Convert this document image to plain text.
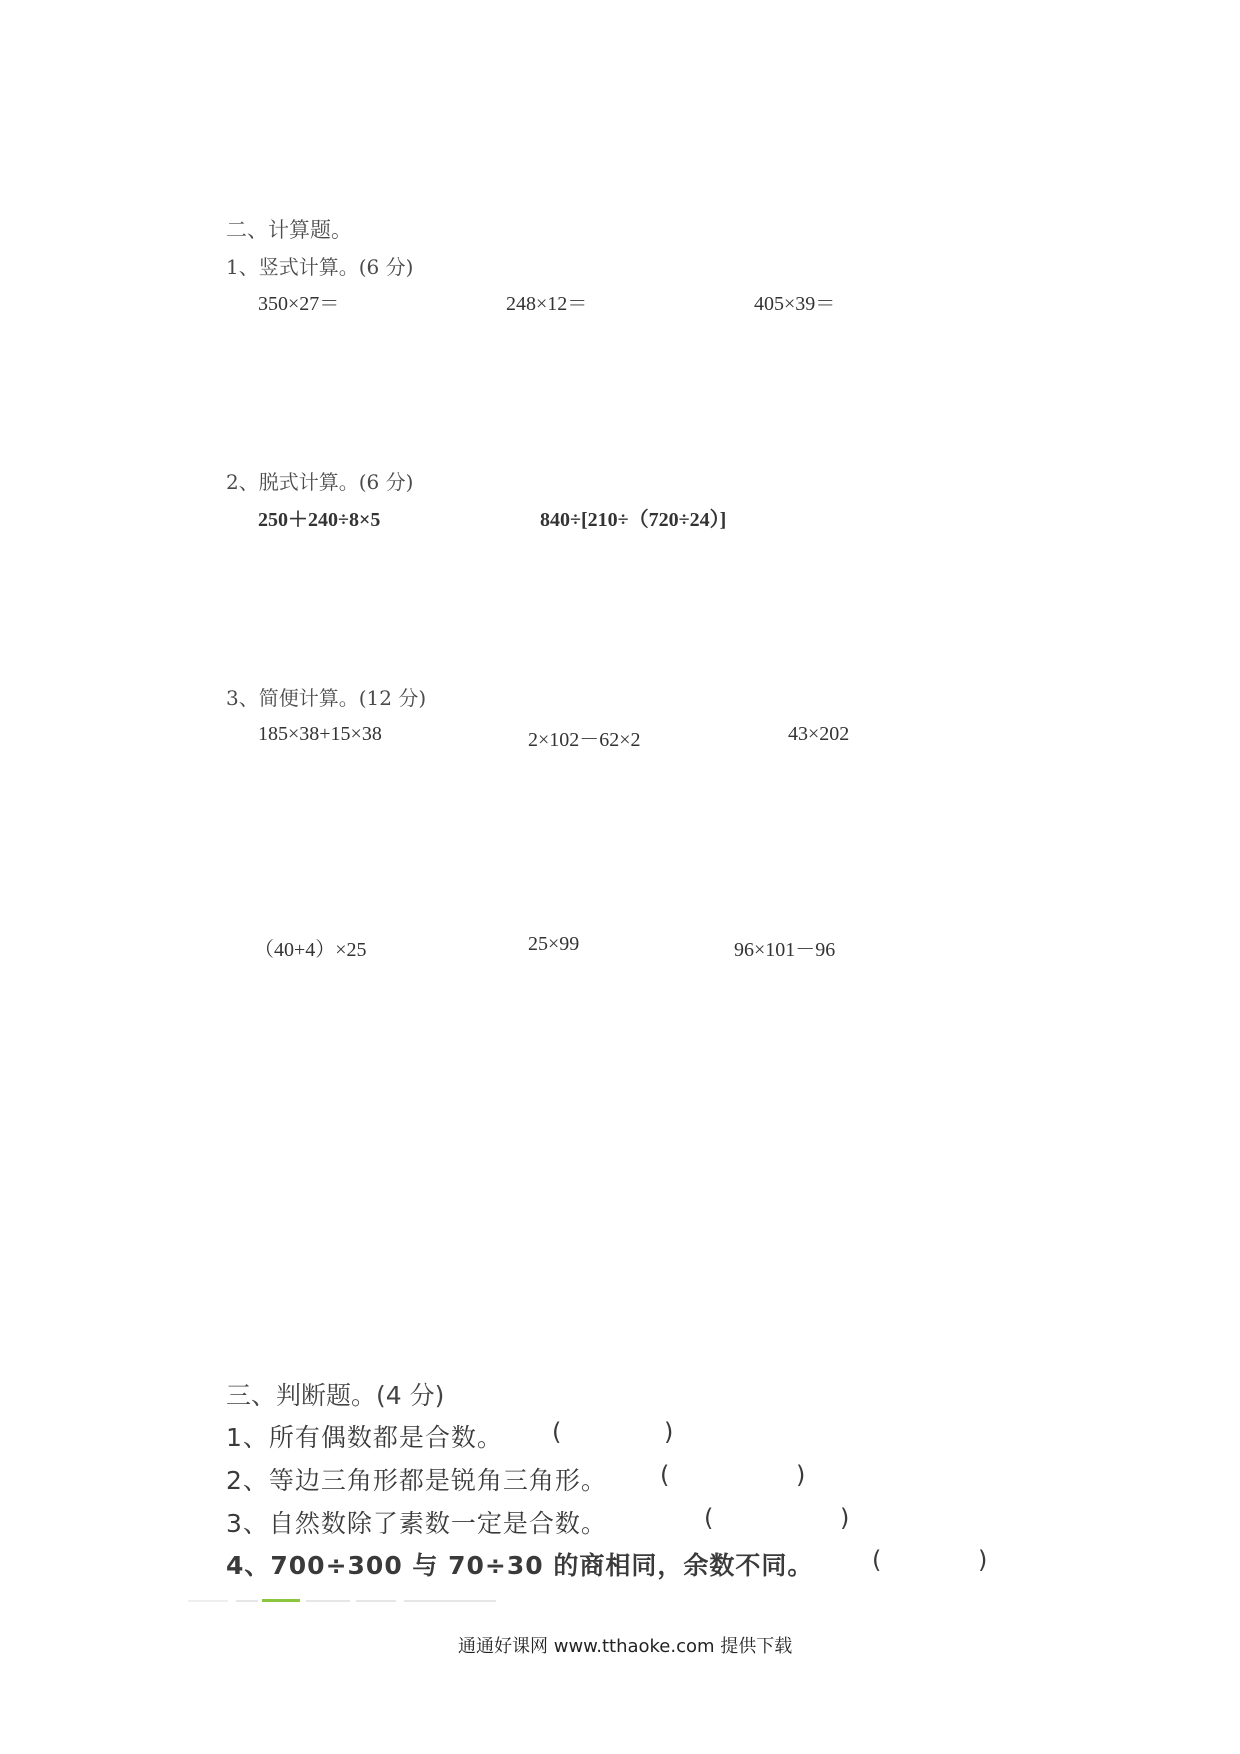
二、计算题。
1、竖式计算。(6 分)
350×27＝	248×12＝	405×39＝
2、脱式计算。(6 分)
250＋240÷8×5	840÷[210÷（720÷24）]
3、简便计算。(12 分)
185×38+15×38	2×102－62×2	43×202
（40+4）×25	25×99	96×101－96
三、判断题。(4 分)
1、所有偶数都是合数。 (	)
2、等边三角形都是锐角三角形。 (	)
3、自然数除了素数一定是合数。	(	)
4、700÷300 与 70÷30 的商相同，余数不同。 (	)
通通好课网 www.tthaoke.com 提供下载
